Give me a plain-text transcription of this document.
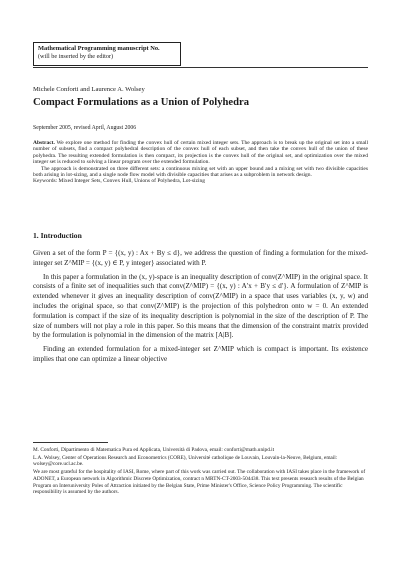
Mathematical Programming manuscript No.
(will be inserted by the editor)
Michele Conforti and Laurence A. Wolsey
Compact Formulations as a Union of Polyhedra
September 2005, revised April, August 2006

Abstract. We explore one method for finding the convex hull of certain mixed integer sets. The approach is to break up the original set into a small number of subsets, find a compact polyhedral description of the convex hull of each subset, and then take the convex hull of the union of these polyhedra. The resulting extended formulation is then compact, its projection is the convex hull of the original set, and optimization over the mixed integer set is reduced to solving a linear program over the extended formulation.

The approach is demonstrated on three different sets: a continuous mixing set with an upper bound and a mixing set with two divisible capacities both arising in lot-sizing, and a single node flow model with divisible capacities that arises as a subproblem in network design.

Keywords: Mixed Integer Sets, Convex Hull, Unions of Polyhedra, Lot-sizing

1. Introduction

Given a set of the form P = {(x, y) : Ax + By ≤ d}, we address the question of finding a formulation for the mixed-integer set Z^MIP = {(x, y) ∈ P, y integer} associated with P.

In this paper a formulation in the (x, y)-space is an inequality description of conv(Z^MIP) in the original space. It consists of a finite set of inequalities such that conv(Z^MIP) = {(x, y) : A′x + B′y ≤ d′}. A formulation of Z^MIP is extended whenever it gives an inequality description of conv(Z^MIP) in a space that uses variables (x, y, w) and includes the original space, so that conv(Z^MIP) is the projection of this polyhedron onto w = 0. An extended formulation is compact if the size of its inequality description is polynomial in the size of the description of P. The size of numbers will not play a role in this paper. So this means that the dimension of the constraint matrix provided by the formulation is polynomial in the dimension of the matrix [A|B].

Finding an extended formulation for a mixed-integer set Z^MIP which is compact is important. Its existence implies that one can optimize a linear objective

M. Conforti, Dipartimento di Matematica Pura ed Applicata, Università di Padova, email: conforti@math.unipd.it

L.A. Wolsey, Center of Operations Research and Econometrics (CORE), Université catholique de Louvain, Louvain-la-Neuve, Belgium, email: wolsey@core.ucl.ac.be.

We are most grateful for the hospitality of IASI, Rome, where part of this work was carried out. The collaboration with IASI takes place in the framework of ADONET, a European network in Algorithmic Discrete Optimization, contract n MRTN-CT-2003-504438. This text presents research results of the Belgian Program on Interuniversity Poles of Attraction initiated by the Belgian State, Prime Minister's Office, Science Policy Programming. The scientific responsibility is assumed by the authors.
